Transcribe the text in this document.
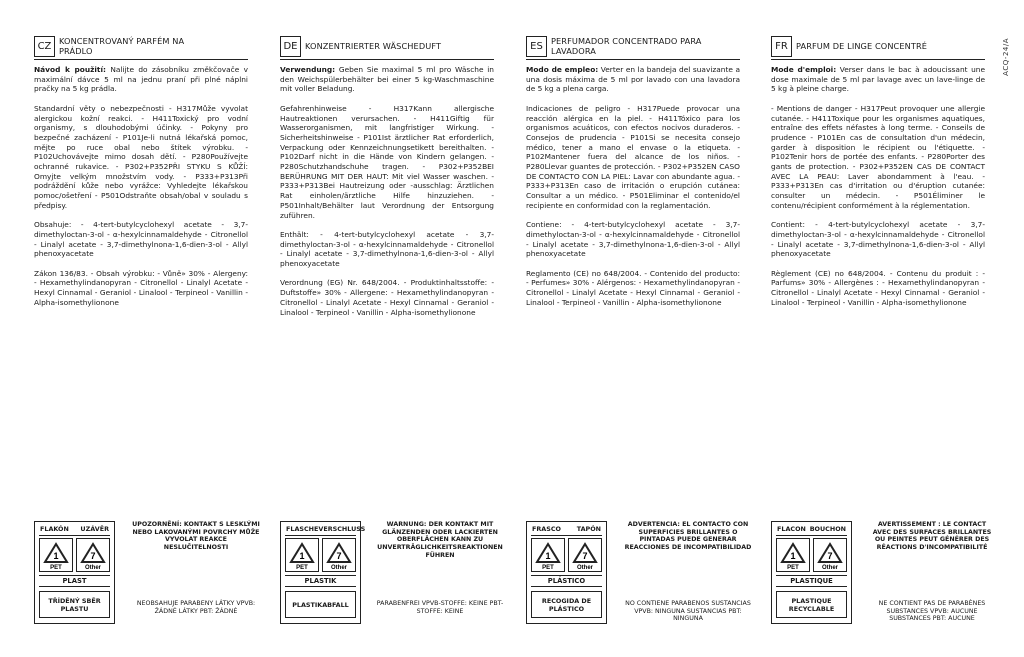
ACQ-24/A
CZ
KONCENTROVANÝ PARFÉM NA PRÁDLO

Návod k použití: Nalijte do zásobníku změkčovače v maximální dávce 5 ml na jednu praní při plné náplni pračky na 5 kg prádla.

Standardní věty o nebezpečnosti - H317Může vyvolat alergickou kožní reakci. - H411Toxický pro vodní organismy, s dlouhodobými účinky. - Pokyny pro bezpečné zacházení - P101Je-li nutná lékařská pomoc, mějte po ruce obal nebo štítek výrobku. - P102Uchovávejte mimo dosah dětí. - P280Používejte ochranné rukavice. - P302+P352PŘI STYKU S KŮŽÍ: Omyjte velkým množstvím vody. - P333+P313Při podráždění kůže nebo vyrážce: Vyhledejte lékařskou pomoc/ošetření - P501Odstraňte obsah/obal v souladu s předpisy.

Obsahuje: - 4-tert-butylcyclohexyl acetate - 3,7-dimethyloctan-3-ol - α-hexylcinnamaldehyde - Citronellol - Linalyl acetate - 3,7-dimethylnona-1,6-dien-3-ol - Allyl phenoxyacetate

Zákon 136/83. - Obsah výrobku: - Vůně» 30% - Alergeny: - Hexamethylindanopyran - Citronellol - Linalyl Acetate - Hexyl Cinnamal - Geraniol - Linalool - Terpineol - Vanillin - Alpha-isomethylionone

DE KONZENTRIERTER WÄSCHEDUFT

Verwendung: Geben Sie maximal 5 ml pro Wäsche in den Weichspülerbehälter bei einer 5 kg-Waschmaschine mit voller Beladung.

Gefahrenhinweise - H317Kann allergische Hautreaktionen verursachen. - H411Giftig für Wasserorganismen, mit langfristiger Wirkung. - Sicherheitshinweise - P101Ist ärztlicher Rat erforderlich, Verpackung oder Kennzeichnungsetikett bereithalten. - P102Darf nicht in die Hände von Kindern gelangen. - P280Schutzhandschuhe tragen. - P302+P352BEI BERÜHRUNG MIT DER HAUT: Mit viel Wasser waschen. - P333+P313Bei Hautreizung oder -ausschlag: Ärztlichen Rat einholen/ärztliche Hilfe hinzuziehen. - P501Inhalt/Behälter laut Verordnung der Entsorgung zuführen.

Enthält: - 4-tert-butylcyclohexyl acetate - 3,7-dimethyloctan-3-ol - α-hexylcinnamaldehyde - Citronellol - Linalyl acetate - 3,7-dimethylnona-1,6-dien-3-ol - Allyl phenoxyacetate

Verordnung (EG) Nr. 648/2004. - Produktinhaltsstoffe: - Duftstoffe» 30% - Allergene: - Hexamethylindanopyran - Citronellol - Linalyl Acetate - Hexyl Cinnamal - Geraniol - Linalool - Terpineol - Vanillin - Alpha-isomethylionone

ES
PERFUMADOR CONCENTRADO PARA LAVADORA

Modo de empleo: Verter en la bandeja del suavizante a una dosis máxima de 5 ml por lavado con una lavadora de 5 kg a plena carga.

Indicaciones de peligro - H317Puede provocar una reacción alérgica en la piel. - H411Tóxico para los organismos acuáticos, con efectos nocivos duraderos. - Consejos de prudencia - P101Si se necesita consejo médico, tener a mano el envase o la etiqueta. - P102Mantener fuera del alcance de los niños. - P280Llevar guantes de protección. - P302+P352EN CASO DE CONTACTO CON LA PIEL: Lavar con abundante agua. - P333+P313En caso de irritación o erupción cutánea: Consultar a un médico. - P501Eliminar el contenido/el recipiente en conformidad con la reglamentación.

Contiene: - 4-tert-butylcyclohexyl acetate - 3,7-dimethyloctan-3-ol - α-hexylcinnamaldehyde - Citronellol - Linalyl acetate - 3,7-dimethylnona-1,6-dien-3-ol - Allyl phenoxyacetate

Reglamento (CE) no 648/2004. - Contenido del producto: - Perfumes» 30% - Alérgenos: - Hexamethylindanopyran - Citronellol - Linalyl Acetate - Hexyl Cinnamal - Geraniol - Linalool - Terpineol - Vanillin - Alpha-isomethylionone

FR PARFUM DE LINGE CONCENTRÉ

Mode d'emploi: Verser dans le bac à adoucissant une dose maximale de 5 ml par lavage avec un lave-linge de 5 kg à pleine charge.

- Mentions de danger - H317Peut provoquer une allergie cutanée. - H411Toxique pour les organismes aquatiques, entraîne des effets néfastes à long terme. - Conseils de prudence - P101En cas de consultation d'un médecin, garder à disposition le récipient ou l'étiquette. - P102Tenir hors de portée des enfants. - P280Porter des gants de protection. - P302+P352EN CAS DE CONTACT AVEC LA PEAU: Laver abondamment à l'eau. - P333+P313En cas d'irritation ou d'éruption cutanée: consulter un médecin. - P501Éliminer le contenu/récipient conformément à la réglementation.

Contient: - 4-tert-butylcyclohexyl acetate - 3,7-dimethyloctan-3-ol - α-hexylcinnamaldehyde - Citronellol - Linalyl acetate - 3,7-dimethylnona-1,6-dien-3-ol - Allyl phenoxyacetate

Règlement (CE) no 648/2004. - Contenu du produit : - Parfums» 30% - Allergènes : - Hexamethylindanopyran - Citronellol - Linalyl Acetate - Hexyl Cinnamal - Geraniol - Linalool - Terpineol - Vanillin - Alpha-isomethylionone

FLAKÓN UZÁVĚR
1
PET
7
Other
PLAST
TŘÍDĚNÝ SBĚR PLASTU
UPOZORNĚNÍ: KONTAKT S LESKLÝMI NEBO LAKOVANÝMI POVRCHY MŮŽE VYVOLAT REAKCE NESLUČITELNOSTI
NEOBSAHUJE PARABENY LÁTKY VPVB: ŽÁDNÉ LÁTKY PBT: ŽÁDNÉ
FLASCHE VERSCHLUSS
1
PET
7
Other
PLASTIK
PLASTIKABFALL
WARNUNG: DER KONTAKT MIT GLÄNZENDEN ODER LACKIERTEN OBERFLÄCHEN KANN ZU UNVERTRÄGLICHKEITSREAKTIONEN FÜHREN
PARABENFREI VPVB-STOFFE: KEINE PBT-STOFFE: KEINE
FRASCO TAPÓN
1
PET
7
Other
PLÁSTICO
RECOGIDA DE PLÁSTICO
ADVERTENCIA: EL CONTACTO CON SUPERFICIES BRILLANTES O PINTADAS PUEDE GENERAR REACCIONES DE INCOMPATIBILIDAD
NO CONTIENE PARABENOS SUSTANCIAS VPVB: NINGUNA SUSTANCIAS PBT: NINGUNA
FLACON BOUCHON
1
PET
7
Other
PLASTIQUE
PLASTIQUE RECYCLABLE
AVERTISSEMENT : LE CONTACT AVEC DES SURFACES BRILLANTES OU PEINTES PEUT GÉNÉRER DES RÉACTIONS D'INCOMPATIBILITÉ
NE CONTIENT PAS DE PARABÈNES SUBSTANCES VPVB: AUCUNE SUBSTANCES PBT: AUCUNE
